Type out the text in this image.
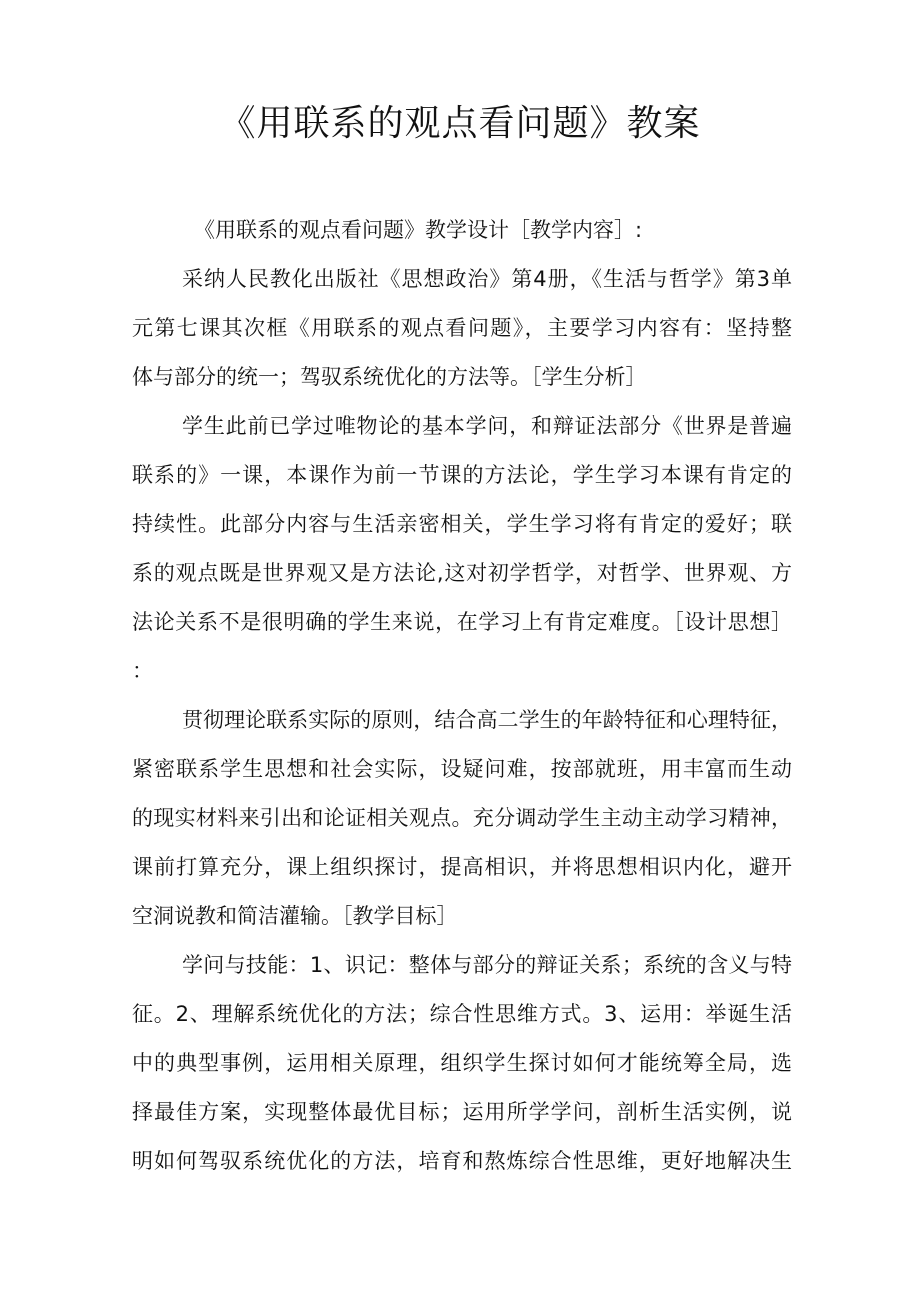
《用联系的观点看问题》教案
《用联系的观点看问题》教学设计［教学内容］:
采纳人民教化出版社《思想政治》第4册，《生活与哲学》第3单
元第七课其次框《用联系的观点看问题》，主要学习内容有：坚持整
体与部分的统一；驾驭系统优化的方法等。［学生分析］
学生此前已学过唯物论的基本学问，和辩证法部分《世界是普遍
联系的》一课，本课作为前一节课的方法论，学生学习本课有肯定的
持续性。此部分内容与生活亲密相关，学生学习将有肯定的爱好；联
系的观点既是世界观又是方法论,这对初学哲学，对哲学、世界观、方
法论关系不是很明确的学生来说，在学习上有肯定难度。［设计思想］
：
贯彻理论联系实际的原则，结合高二学生的年龄特征和心理特征，
紧密联系学生思想和社会实际，设疑问难，按部就班，用丰富而生动
的现实材料来引出和论证相关观点。充分调动学生主动主动学习精神，
课前打算充分，课上组织探讨，提高相识，并将思想相识内化，避开
空洞说教和简洁灌输。［教学目标］
学问与技能：1、识记：整体与部分的辩证关系；系统的含义与特
征。2、理解系统优化的方法；综合性思维方式。3、运用：举诞生活
中的典型事例，运用相关原理，组织学生探讨如何才能统筹全局，选
择最佳方案，实现整体最优目标；运用所学学问，剖析生活实例，说
明如何驾驭系统优化的方法，培育和熬炼综合性思维，更好地解决生
